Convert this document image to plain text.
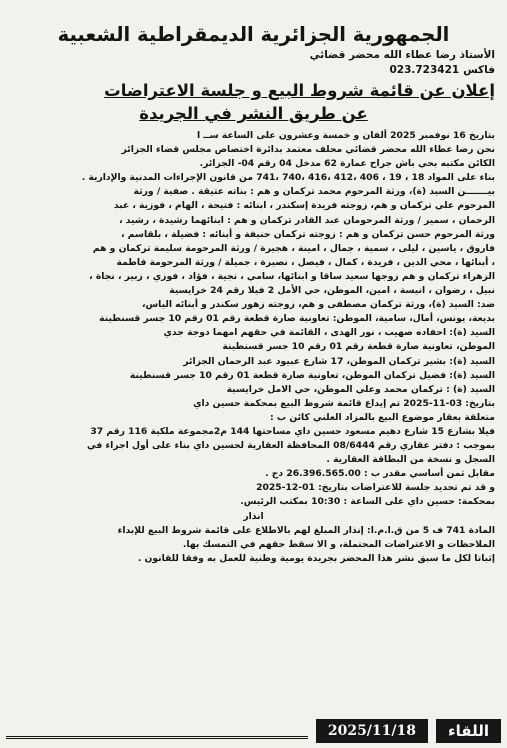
الجمهورية الجزائرية الديمقراطية الشعبية
الأستاذ رضا عطاء الله محضر قضائي
فاكس
023.723421
إعلان عن قائمة شروط البيع و جلسة الاعتراضات
عن طريق النشر في الجريدة
بتاريخ 16 نوفمبر 2025 ألفان و خمسة وعشرون على الساعة ســ ا
نحن رضا عطاء الله محضر قضائي محلف معتمد بدائرة اختصاص مجلس قضاء الجزائر
الكائن مكتبه بحي باش جراح عمارة 62 مدخل 04 رقم 04- الجزائر.
بناء على المواد 18 ، 19 ، 406 ،412 ،416 ،740 ،741 من قانون الإجراءات المدنية والإدارية .
بيـــــــن السيد (ة)، ورثة المرحوم محمد تركمان و هم : بناته عتيقة . صفية / ورثة
المرحوم علي تركمان و هم، زوجته فريدة إسكندر ، ابنائه : فتيحة ، الهام ، فوزية ، عبد
الرحمان ، سمير / ورثة المرحومان عبد القادر تركمان و هم : ابنائهما رشيدة ، رشيد ،
ورثة المرحوم حسن تركمان و هم : زوجته تركمان حنيفة و أبنائه : فضيلة ، بلقاسم ،
فاروق ، ياسين ، ليلى ، سمية ، جمال ، امينة ، هجيرة / ورثة المرحومة سليمة تركمان و هم
، أبنائها ، محي الدين ، فريدة ، كمال ، فيصل ، نصيرة ، جميلة / ورثة المرحومة فاطمة
الزهراء تركمان و هم زوجها سعيد ساقا و ابنائها، سامي ، نجية ، فؤاد ، فوزي ، زبير ، نجاة ،
نبيل ، رضوان ، انيسة ، امين، الموطن، حي الأمل 2 فيلا رقم 24 خرايسية
ضد: السيد (ة)، ورثة تركمان مصطفى و هم، زوجته زهور سكندر و أبنائه الياس،
بديعة، يونس، أمال، سامية، الموطن: تعاونية صارة قطعة رقم 01 رقم 10 جسر قسنطينة
السيد (ة): احفاده صهيب ، نور الهدى ، القائمة في حقهم امهما دوجة جدي
الموطن، تعاونية صارة قطعة رقم 01 رقم 10 جسر قسنطينة
السيد (ة): بشير تركمان الموطن، 17 شارع عبيود عبد الرحمان الجزائر
السيد (ة): فضيل تركمان الموطن، تعاونية صارة قطعة 01 رقم 10 جسر قسنطينة
السيد (ة) : تركمان محمد وعلي الموطن، حي الامل خرايسية
بتاريخ: 03-11-2025 تم إيداع قائمة شروط البيع بمحكمة حسين داي
متعلقة بعقار موضوع البيع بالمزاد العلني كائن ب :
فيلا بشارع 15 شارع دهيم مسعود حسين داي مساحتها 144 م2مجموعة ملكية 116 رقم 37
بموجب : دفتر عقاري رقم 08/6444 المحافظة العقارية لحسين داي بناء على أول اجراء في
السجل و نسخة من البطاقة العقارية .
مقابل ثمن أساسي مقدر ب : 26.396.565.00 دج .
و قد تم تحديد جلسة للاعتراضات بتاريخ: 01-12-2025
بمحكمة: حسين داي على الساعة : 10:30 بمكتب الرئيس.
انذار
المادة 741 ف 5 من ق.ا.م.ا: إنذار المبلغ لهم بالاطلاع على قائمة شروط البيع للإبداء
الملاحظات و الاعتراضات المحتملة، و الا سقط حقهم في التمسك بها.
إثباتا لكل ما سبق نشر هذا المحضر بجريدة يومية وطنية للعمل به وفقا للقانون .
اللقاء
2025/11/18
